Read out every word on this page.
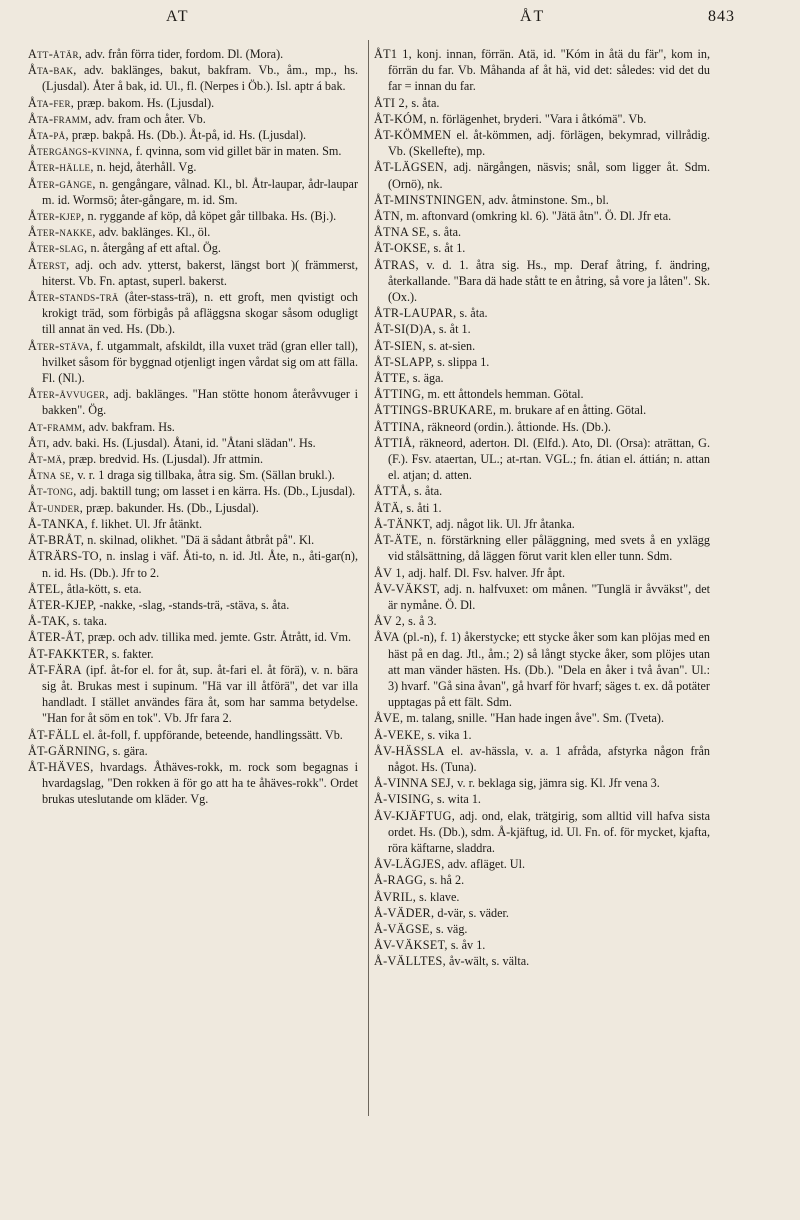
AT	ÅT	843

Att-åtär, adv. från förra tider, fordom. Dl. (Mora).

Åta-bak, adv. baklänges, bakut, bakfram. Vb., åm., mp., hs. (Ljusdal). Åter å bak, id. Ul., fl. (Nerpes i Öb.). Isl. aptr á bak.

Åta-fer, præp. bakom. Hs. (Ljusdal).

Åta-framm, adv. fram och åter. Vb.

Åta-på, præp. bakpå. Hs. (Db.). Åt-på, id. Hs. (Ljusdal).

Återgångs-kvinna, f. qvinna, som vid gillet bär in maten. Sm.

Åter-hälle, n. hejd, återhåll. Vg.

Åter-gånge, n. gengångare, vålnad. Kl., bl. Åtr-laupar, ådr-laupar m. id. Wormsö; åter-gångare, m. id. Sm.

Åter-kjep, n. ryggande af köp, då köpet går tillbaka. Hs. (Bj.).

Åter-nakke, adv. baklänges. Kl., öl.

Åter-slag, n. återgång af ett aftal. Ög.

Återst, adj. och adv. ytterst, bakerst, längst bort )( främmerst, hiterst. Vb. Fn. aptast, superl. bakerst.

Åter-stands-trä (åter-stass-trä), n. ett groft, men qvistigt och krokigt träd, som förbigås på afläggsna skogar såsom odugligt till annat än ved. Hs. (Db.).

Åter-stäva, f. utgammalt, afskildt, illa vuxet träd (gran eller tall), hvilket såsom för byggnad otjenligt ingen vårdat sig om att fälla. Fl. (Nl.).

Åter-åvvuger, adj. baklänges. "Han stötte honom återåvvuger i bakken". Ög.

At-framm, adv. bakfram. Hs.

Åti, adv. baki. Hs. (Ljusdal). Åtani, id. "Åtani slädan". Hs.

Åt-mä, præp. bredvid. Hs. (Ljusdal). Jfr attmin.

Åtna se, v. r. 1 draga sig tillbaka, åtra sig. Sm. (Sällan brukl.).

Åt-tong, adj. baktill tung; om lasset i en kärra. Hs. (Db., Ljusdal).

Åt-under, præp. bakunder. Hs. (Db., Ljusdal).

Å-TANKA, f. likhet. Ul. Jfr åtänkt.

ÅT-BRÅT, n. skilnad, olikhet. "Dä ä sådant åtbråt på". Kl.

ÅTRÄRS-TO, n. inslag i väf. Åti-to, n. id. Jtl. Åte, n., åti-gar(n), n. id. Hs. (Db.). Jfr to 2.

ÅTEL, åtla-kött, s. eta.

ÅTER-KJEP, -nakke, -slag, -stands-trä, -stäva, s. åta.

Å-TAK, s. taka.

ÅTER-ÅT, præp. och adv. tillika med. jemte. Gstr. Åtrått, id. Vm.

ÅT-FAKKTER, s. fakter.

ÅT-FÄRA (ipf. åt-for el. for åt, sup. åt-fari el. åt förä), v. n. bära sig åt. Brukas mest i supinum. "Hä var ill åtförä", det var illa handladt. I stället användes fära åt, som har samma betydelse. "Han for åt söm en tok". Vb. Jfr fara 2.

ÅT-FÄLL el. åt-foll, f. uppförande, beteende, handlingssätt. Vb.

ÅT-GÄRNING, s. gära.

ÅT-HÄVES, hvardags. Åthäves-rokk, m. rock som begagnas i hvardagslag, "Den rokken ä för go att ha te åhäves-rokk". Ordet brukas uteslutande om kläder. Vg.

ÅT1 1, konj. innan, förrän. Atä, id. "Kóm in åtä du fär", kom in, förrän du far. Vb. Måhanda af åt hä, vid det: således: vid det du far = innan du far.

ÅTI 2, s. åta.

ÅT-KÓM, n. förlägenhet, bryderi. "Vara i åtkómä". Vb.

ÅT-KÖMMEN el. åt-kömmen, adj. förlägen, bekymrad, villrådig. Vb. (Skellefte), mp.

ÅT-LÄGSEN, adj. närgången, näsvis; snål, som ligger åt. Sdm. (Ornö), nk.

ÅT-MINSTNINGEN, adv. åtminstone. Sm., bl.

ÅTN, m. aftonvard (omkring kl. 6). "Jätä åtn". Ö. Dl. Jfr eta.

ÅTNA SE, s. åta.

ÅT-OKSE, s. åt 1.

ÅTRAS, v. d. 1. åtra sig. Hs., mp. Deraf åtring, f. ändring, återkallande. "Bara dä hade stått te en åtring, så vore ja låten". Sk. (Ox.).

ÅTR-LAUPAR, s. åta.

ÅT-SI(D)A, s. åt 1.

ÅT-SIEN, s. at-sien.

ÅT-SLAPP, s. slippa 1.

ÅTTE, s. äga.

ÅTTING, m. ett åttondels hemman. Götal.

ÅTTINGS-BRUKARE, m. brukare af en åtting. Götal.

ÅTTINA, räkneord (ordin.). åttionde. Hs. (Db.).

ÅTTIÅ, räkneord, adertон. Dl. (Elfd.). Ato, Dl. (Orsa): aträttan, G. (F.). Fsv. ataertan, UL.; at-rtan. VGL.; fn. átian el. áttián; n. attan el. atjan; d. atten.

ÅTTÅ, s. åta.

ÅTÄ, s. åti 1.

Å-TÄNKT, adj. något lik. Ul. Jfr åtanka.

ÅT-ÄTE, n. förstärkning eller påläggning, med svets å en yxlägg vid stålsättning, då läggen förut varit klen eller tunn. Sdm.

ÅV 1, adj. half. Dl. Fsv. halver. Jfr åpt.

ÅV-VÄKST, adj. n. halfvuxet: om månen. "Tunglä ir åvväkst", det är nymåne. Ö. Dl.

ÅV 2, s. å 3.

ÅVA (pl.-n), f. 1) åkerstycke; ett stycke åker som kan plöjas med en häst på en dag. Jtl., åm.; 2) så långt stycke åker, som plöjes utan att man vänder hästen. Hs. (Db.). "Dela en åker i två åvan". Ul.: 3) hvarf. "Gå sina åvan", gå hvarf för hvarf; säges t. ex. då potäter upptagas på ett fält. Sdm.

ÅVE, m. talang, snille. "Han hade ingen åve". Sm. (Tveta).

Å-VEKE, s. vika 1.

ÅV-HÄSSLA el. av-hässla, v. a. 1 afråda, afstyrka någon från något. Hs. (Tuna).

Å-VINNA SEJ, v. r. beklaga sig, jämra sig. Kl. Jfr vena 3.

Å-VISING, s. wita 1.

ÅV-KJÄFTUG, adj. ond, elak, trätgirig, som alltid vill hafva sista ordet. Hs. (Db.), sdm. Å-kjäftug, id. Ul. Fn. of. för mycket, kjafta, röra käftarne, sladdra.

ÅV-LÄGJES, adv. afläget. Ul.

Å-RAGG, s. hå 2.

ÅVRIL, s. klave.

Å-VÄDER, d-vär, s. väder.

Å-VÄGSE, s. väg.

ÅV-VÄKSET, s. åv 1.

Å-VÄLLTES, åv-wält, s. välta.
